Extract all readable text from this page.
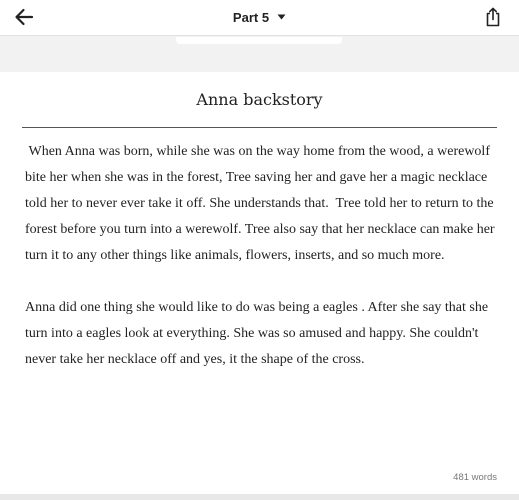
Part 5
Anna backstory
When Anna was born, while she was on the way home from the wood, a werewolf bite her when she was in the forest, Tree saving her and gave her a magic necklace told her to never ever take it off. She understands that.  Tree told her to return to the forest before you turn into a werewolf. Tree also say that her necklace can make her turn it to any other things like animals, flowers, inserts, and so much more.
Anna did one thing she would like to do was being a eagles . After she say that she turn into a eagles look at everything. She was so amused and happy. She couldn't never take her necklace off and yes, it the shape of the cross.
481 words
